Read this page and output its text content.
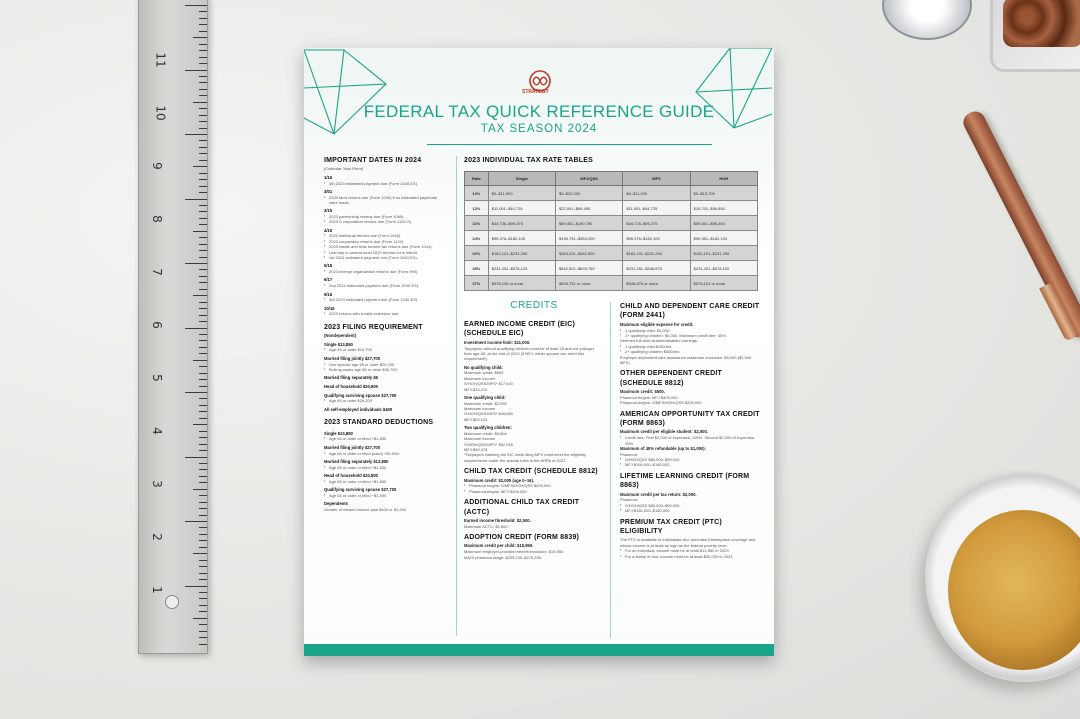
11
10
9
8
7
6
5
4
3
2
1
STRATEGY
FEDERAL TAX QUICK REFERENCE GUIDE
TAX SEASON 2024
IMPORTANT DATES IN 2024
(Calendar-Year Filers)
1/16
▪ 4th 2023 estimated payment due (Form 1040-ES).
3/01
▪ 2023 farm returns due (Form 1040) if no estimated payments were made.
3/15
▪ 2023 partnership returns due (Form 1065).
▪ 2023 S corporation returns due (Form 1120-S).
4/15
▪ 2023 individual returns due (Form 1040).
▪ 2023 corporation returns due (Form 1120).
▪ 2023 estate and trust income tax returns due (Form 1041).
▪ Last day to amend most 2020 returns for a refund.
▪ 1st 2024 estimated payment due (Form 1040-ES).
5/15
▪ 2023 exempt organization returns due (Form 990).
6/17
▪ 2nd 2024 estimated payment due (Form 1040-ES).
9/16
▪ 3rd 2024 estimated payment due (Form 1040-ES).
10/15
▪ 2023 returns with a valid extension due.
2023 FILING REQUIREMENT
(Nondependent)
Single $13,850
▪ Age 65 or older $15,700
Married filing jointly $27,700
▪ One spouse age 65 or older $29,200
▪ Both spouses age 65 or older $30,700
Married filing separately $5
Head of household $20,800
Qualifying surviving spouse $27,700
▪ Age 65 or older $29,200
All self-employed individuals $400
2023 STANDARD DEDUCTIONS
Single $13,850
▪ Age 65 or older or blind +$1,850
Married filing jointly $27,700
▪ Age 65 or older or blind (each) +$1,500
Married filing separately $13,850
▪ Age 65 or older or blind +$1,500
Head of household $20,800
▪ Age 65 or older or blind +$1,850
Qualifying surviving spouse $27,700
▪ Age 65 or older or blind +$1,500
Dependents
Greater of earned income plus $400 or $1,250
2023 INDIVIDUAL TAX RATE TABLES
Rate	Single	MFJ/QSS	MFS	HOH
10%	$0–$11,000	$0–$22,000	$0–$11,000	$0–$15,700
12%	$11,001–$44,725	$22,001–$89,450	$11,001–$44,725	$15,701–$59,850
22%	$44,726–$95,375	$89,451–$190,750	$44,726–$95,375	$59,851–$95,350
24%	$95,376–$182,100	$190,751–$364,200	$95,376–$182,100	$95,351–$182,100
32%	$182,101–$231,250	$364,201–$462,500	$182,101–$231,250	$182,101–$231,250
35%	$231,251–$578,125	$462,501–$693,750	$231,251–$346,875	$231,251–$578,100
37%	$578,126 or more	$693,751 or more	$346,876 or more	$578,101 or more
CREDITS
EARNED INCOME CREDIT (EIC) (SCHEDULE EIC)
Investment income limit: $11,000.
Taxpayers without qualifying children must be at least 25 and not younger than age 65, at the end of 2023 (if MFJ, either spouse can meet this requirement).
No qualifying child:
Maximum credit: $600
Maximum income
S/HOH/QSS/MFS* $17,640
MFJ $24,210
One qualifying child:
Maximum credit: $3,995
Maximum income
S/HOH/QSS/MFS* $46,560
MFJ $53,120
Two qualifying children:
Maximum credit: $6,604
Maximum income
S/HOH/QSS/MFS* $52,918
MFJ $59,478
*Taxpayers claiming the EIC while filing MFS must meet the eligibility requirements under the special rules in the ARPA of 2021.
CHILD TAX CREDIT (SCHEDULE 8812)
Maximum credit: $2,000 (age 0–16).
▪ Phaseout begins: S/MFS/HOH/QSS $200,000.
▪ Phaseout begins: MFJ $400,000.
ADDITIONAL CHILD TAX CREDIT (ACTC)
Earned income threshold: $2,500.
Maximum ACTC: $1,600.
ADOPTION CREDIT (FORM 8839)
Maximum credit per child: $15,950.
Maximum employer-provided benefit exclusion: $15,950.
MAGI phaseout range: $239,230–$279,230.
CHILD AND DEPENDENT CARE CREDIT (FORM 2441)
Maximum eligible expense for credit:
▪ 1 qualifying child: $3,000.
▪ 2+ qualifying children: $6,000. Maximum credit rate: 35%.
Deemed full-time student/disabled earnings:
▪ 1 qualifying child $250/mo.
▪ 2+ qualifying children $500/mo.
Employer dependent care assistance maximum exclusion: $5,000 ($2,500 MFS).
OTHER DEPENDENT CREDIT (SCHEDULE 8812)
Maximum credit: $500.
Phaseout begins: MFJ $400,000.
Phaseout begins: S/MFS/HOH/QSS $200,000.
AMERICAN OPPORTUNITY TAX CREDIT (FORM 8863)
Maximum credit per eligible student: $2,500.
▪ Credit rate: First $2,000 of expenses, 100%. Second $2,000 of expenses, 25%.
Maximum of 40% refundable (up to $1,000).
Phaseout:
▪ S/HOH/QSS $80,000–$90,000.
▪ MFJ $160,000–$180,000.
LIFETIME LEARNING CREDIT (FORM 8863)
Maximum credit per tax return: $2,000.
Phaseout:
▪ S/HOH/QSS $80,000–$90,000.
▪ MFJ $160,000–$180,000.
PREMIUM TAX CREDIT (PTC) ELIGIBILITY
The PTC is available to individuals who purchase Marketplace coverage and whose income is at least as high as the federal poverty level.
▪ For an individual, income must be at least $14,580 in 2023.
▪ For a family of four, income must be at least $30,000 in 2023.
